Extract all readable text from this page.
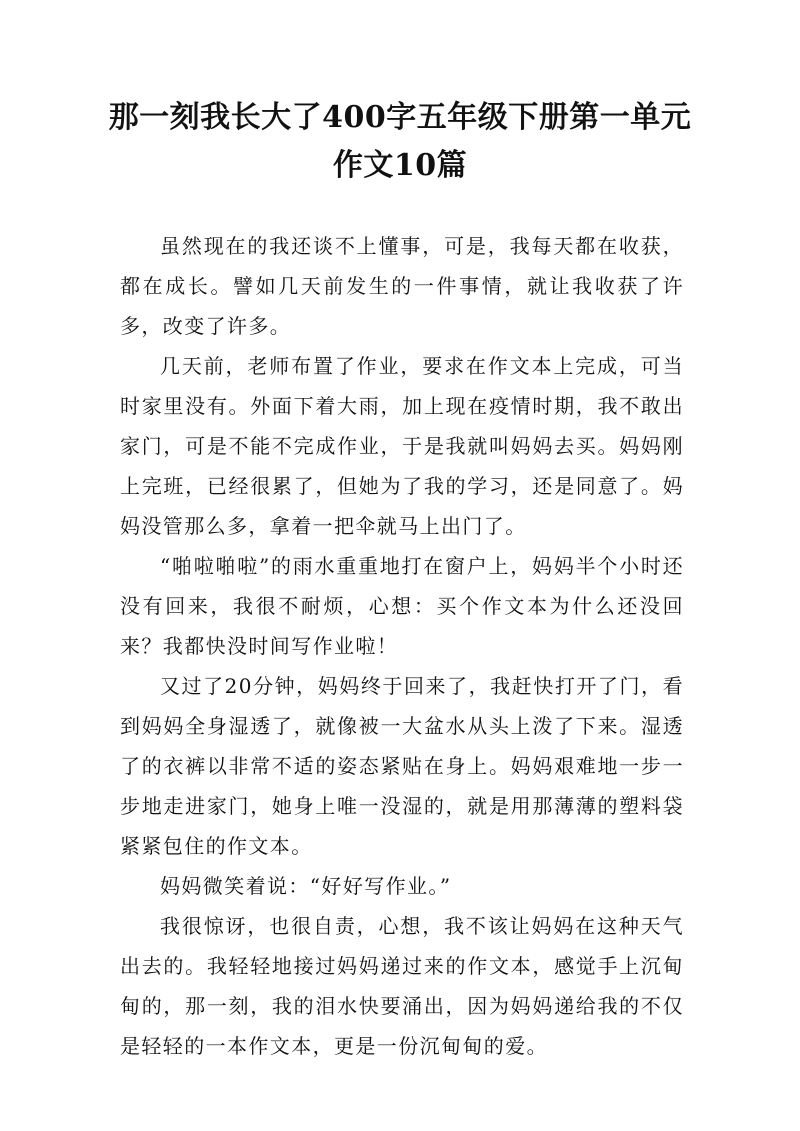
那一刻我长大了400字五年级下册第一单元
作文10篇

虽然现在的我还谈不上懂事，可是，我每天都在收获，都在成长。譬如几天前发生的一件事情，就让我收获了许多，改变了许多。

几天前，老师布置了作业，要求在作文本上完成，可当时家里没有。外面下着大雨，加上现在疫情时期，我不敢出家门，可是不能不完成作业，于是我就叫妈妈去买。妈妈刚上完班，已经很累了，但她为了我的学习，还是同意了。妈妈没管那么多，拿着一把伞就马上出门了。

“啪啦啪啦”的雨水重重地打在窗户上，妈妈半个小时还没有回来，我很不耐烦，心想：买个作文本为什么还没回来？我都快没时间写作业啦！

又过了20分钟，妈妈终于回来了，我赶快打开了门，看到妈妈全身湿透了，就像被一大盆水从头上泼了下来。湿透了的衣裤以非常不适的姿态紧贴在身上。妈妈艰难地一步一步地走进家门，她身上唯一没湿的，就是用那薄薄的塑料袋紧紧包住的作文本。

妈妈微笑着说：“好好写作业。”

我很惊讶，也很自责，心想，我不该让妈妈在这种天气出去的。我轻轻地接过妈妈递过来的作文本，感觉手上沉甸甸的，那一刻，我的泪水快要涌出，因为妈妈递给我的不仅是轻轻的一本作文本，更是一份沉甸甸的爱。
